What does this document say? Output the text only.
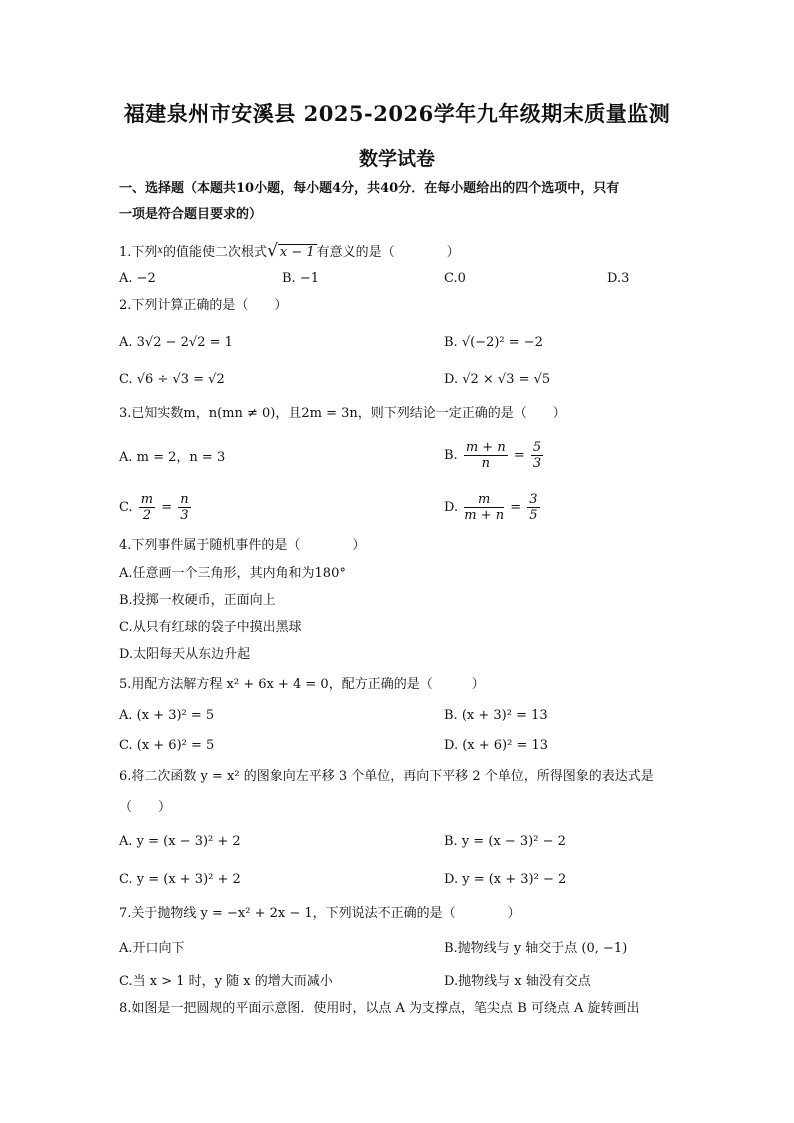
福建泉州市安溪县 2025-2026学年九年级期末质量监测
数学试卷
一、选择题（本题共10小题，每小题4分，共40分．在每小题给出的四个选项中，只有
一项是符合题目要求的）
1.下列$^x$的值能使二次根式√ x − 1 有意义的是（　　　　）
A. −2	B. −1	C.0	D.3
2.下列计算正确的是（　　）
A. 3√2 − 2√2 = 1	B. √(−2)² = −2
C. √6 ÷ √3 = √2	D. √2 × √3 = √5
3.已知实数m，n(mn ≠ 0)，且2m = 3n，则下列结论一定正确的是（　　）
A. m = 2，n = 3	B. $\frac{m + n}{n} = \frac{5}{3}$
C. $\frac{m}{2} = \frac{n}{3}$	D. $\frac{m}{m + n} = \frac{3}{5}$
4.下列事件属于随机事件的是（　　　　）
A.任意画一个三角形，其内角和为180°
B.投掷一枚硬币，正面向上
C.从只有红球的袋子中摸出黑球
D.太阳每天从东边升起
5.用配方法解方程 x² + 6x + 4 = 0，配方正确的是（　　　）
A. (x + 3)² = 5	B. (x + 3)² = 13
C. (x + 6)² = 5	D. (x + 6)² = 13
6.将二次函数 y = x² 的图象向左平移 3 个单位，再向下平移 2 个单位，所得图象的表达式是
（　　）
A. y = (x − 3)² + 2	B. y = (x − 3)² − 2
C. y = (x + 3)² + 2	D. y = (x + 3)² − 2
7.关于抛物线 y = −x² + 2x − 1，下列说法不正确的是（　　　　）
A.开口向下	B.抛物线与 y 轴交于点 (0, −1)
C.当 x > 1 时，y 随 x 的增大而减小	D.抛物线与 x 轴没有交点
8.如图是一把圆规的平面示意图．使用时，以点 A 为支撑点，笔尖点 B 可绕点 A 旋转画出
